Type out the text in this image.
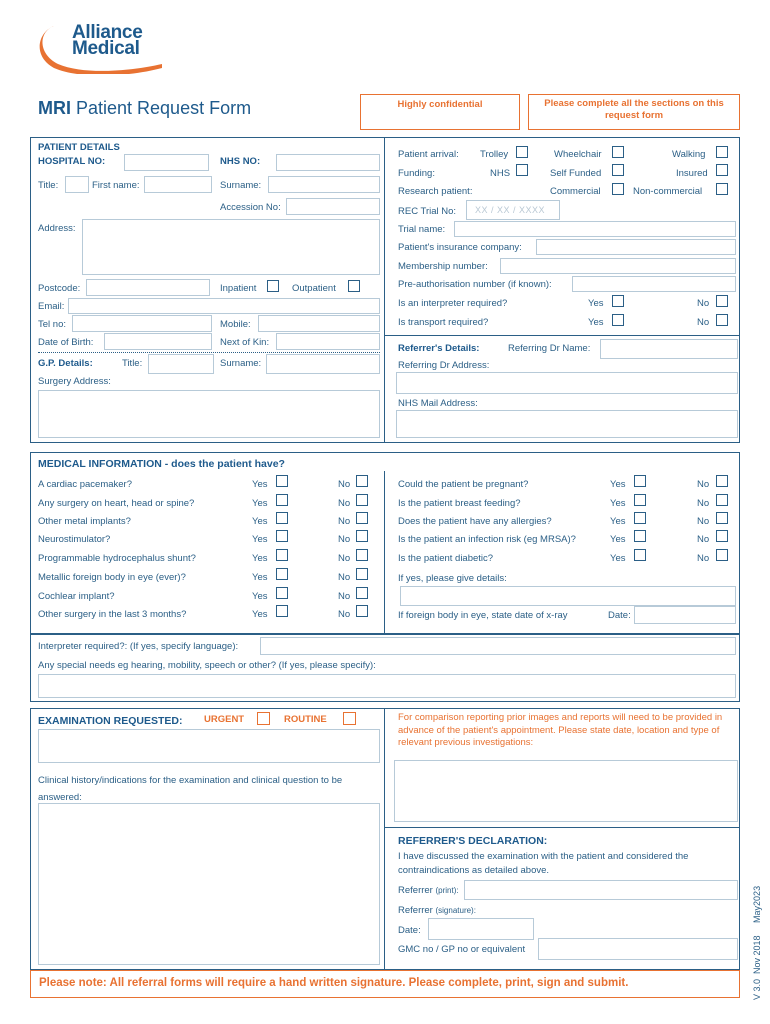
Alliance
Medical
MRI Patient Request Form	Highly confidential	Please complete all the sections on this request form
PATIENT DETAILS
HOSPITAL NO:	NHS NO:
Title:	First name:	Surname:
Accession No:
Address:
Postcode:	Inpatient	Outpatient
Email:
Tel no:	Mobile:
Date of Birth:	Next of Kin:
G.P. Details:	Title:	Surname:
Surgery Address:
Patient arrival: Trolley	Wheelchair	Walking
Funding:	NHS	Self Funded	Insured
Research patient:	Commercial	Non-commercial
REC Trial No: XX / XX / XXXX
Trial name:
Patient's insurance company:
Membership number:
Pre-authorisation number (if known):
Is an interpreter required?	Yes	No
Is transport required?	Yes	No
Referrer's Details:	Referring Dr Name:
Referring Dr Address:
NHS Mail Address:
MEDICAL INFORMATION - does the patient have?
A cardiac pacemaker?	Yes	No
Any surgery on heart, head or spine?	Yes	No
Other metal implants?	Yes	No
Neurostimulator?	Yes	No
Programmable hydrocephalus shunt?	Yes	No
Metallic foreign body in eye (ever)?	Yes	No
Cochlear implant?	Yes	No
Other surgery in the last 3 months?	Yes	No
Could the patient be pregnant?	Yes	No
Is the patient breast feeding?	Yes	No
Does the patient have any allergies?	Yes	No
Is the patient an infection risk (eg MRSA)?	Yes	No
Is the patient diabetic?	Yes	No
If yes, please give details:
If foreign body in eye, state date of x-ray	Date:
Interpreter required?: (If yes, specify language):
Any special needs eg hearing, mobility, speech or other? (If yes, please specify):
EXAMINATION REQUESTED: URGENT	ROUTINE
Clinical history/indications for the examination and clinical question to be answered:
For comparison reporting prior images and reports will need to be provided in advance of the patient's appointment. Please state date, location and type of relevant previous investigations:
REFERRER'S DECLARATION:
I have discussed the examination with the patient and considered the contraindications as detailed above.
Referrer (print):
Referrer (signature):
Date:
GMC no / GP no or equivalent
Please note: All referral forms will require a hand written signature. Please complete, print, sign and submit.	V 3.0  Nov 2018     May2023
